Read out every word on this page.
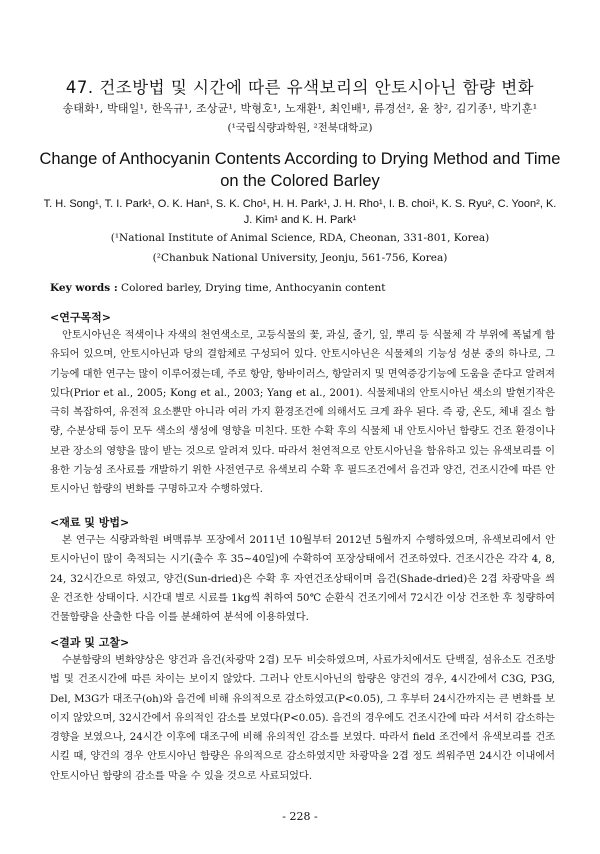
47. 건조방법 및 시간에 따른 유색보리의 안토시아닌 함량 변화
송태화¹, 박태일¹, 한옥규¹, 조상균¹, 박형호¹, 노재환¹, 최인배¹, 류경선², 윤 창², 김기종¹, 박기훈¹
(¹국립식량과학원, ²전북대학교)
Change of Anthocyanin Contents According to Drying Method and Time on the Colored Barley
T. H. Song¹, T. I. Park¹, O. K. Han¹, S. K. Cho¹, H. H. Park¹, J. H. Rho¹, I. B. choi¹, K. S. Ryu², C. Yoon², K. J. Kim¹ and K. H. Park¹
(¹National Institute of Animal Science, RDA, Cheonan, 331-801, Korea)
(²Chanbuk National University, Jeonju, 561-756, Korea)
Key words : Colored barley, Drying time, Anthocyanin content
<연구목적>
안토시아닌은 적색이나 자색의 천연색소로, 고등식물의 꽃, 과실, 줄기, 잎, 뿌리 등 식물체 각 부위에 폭넓게 함유되어 있으며, 안토시아닌과 당의 결합체로 구성되어 있다. 안토시아닌은 식물체의 기능성 성분 중의 하나로, 그 기능에 대한 연구는 많이 이루어졌는데, 주로 항암, 항바이러스, 항알러지 및 면역증강기능에 도움을 준다고 알려져 있다(Prior et al., 2005; Kong et al., 2003; Yang et al., 2001). 식물체내의 안토시아닌 색소의 발현기작은 극히 복잡하여, 유전적 요소뿐만 아니라 여러 가지 환경조건에 의해서도 크게 좌우 된다. 즉 광, 온도, 체내 질소 함량, 수분상태 등이 모두 색소의 생성에 영향을 미친다. 또한 수확 후의 식물체 내 안토시아닌 함량도 건조 환경이나 보관 장소의 영향을 많이 받는 것으로 알려져 있다. 따라서 천연적으로 안토시아닌을 함유하고 있는 유색보리를 이용한 기능성 조사료를 개발하기 위한 사전연구로 유색보리 수확 후 필드조건에서 음건과 양건, 건조시간에 따른 안토시아닌 함량의 변화를 구명하고자 수행하였다.
<재료 및 방법>
본 연구는 식량과학원 벼맥류부 포장에서 2011년 10월부터 2012년 5월까지 수행하였으며, 유색보리에서 안토시아닌이 많이 축적되는 시기(출수 후 35~40일)에 수확하여 포장상태에서 건조하였다. 건조시간은 각각 4, 8, 24, 32시간으로 하였고, 양건(Sun-dried)은 수확 후 자연건조상태이며 음건(Shade-dried)은 2겹 차광막을 씌운 건조한 상태이다. 시간대 별로 시료를 1kg씩 취하여 50℃ 순환식 건조기에서 72시간 이상 건조한 후 칭량하여 건물함량을 산출한 다음 이를 분쇄하여 분석에 이용하였다.
<결과 및 고찰>
수분함량의 변화양상은 양건과 음건(차광막 2겹) 모두 비슷하였으며, 사료가치에서도 단백질, 섬유소도 건조방법 및 건조시간에 따른 차이는 보이지 않았다. 그러나 안토시아닌의 함량은 양건의 경우, 4시간에서 C3G, P3G, Del, M3G가 대조구(oh)와 음건에 비해 유의적으로 감소하였고(P<0.05), 그 후부터 24시간까지는 큰 변화를 보이지 않았으며, 32시간에서 유의적인 감소를 보였다(P<0.05). 음건의 경우에도 건조시간에 따라 서서히 감소하는 경향을 보였으나, 24시간 이후에 대조구에 비해 유의적인 감소를 보였다. 따라서 field 조건에서 유색보리를 건조시킬 때, 양건의 경우 안토시아닌 함량은 유의적으로 감소하였지만 차광막을 2겹 정도 씌워주면 24시간 이내에서 안토시아닌 함량의 감소를 막을 수 있을 것으로 사료되었다.
- 228 -
